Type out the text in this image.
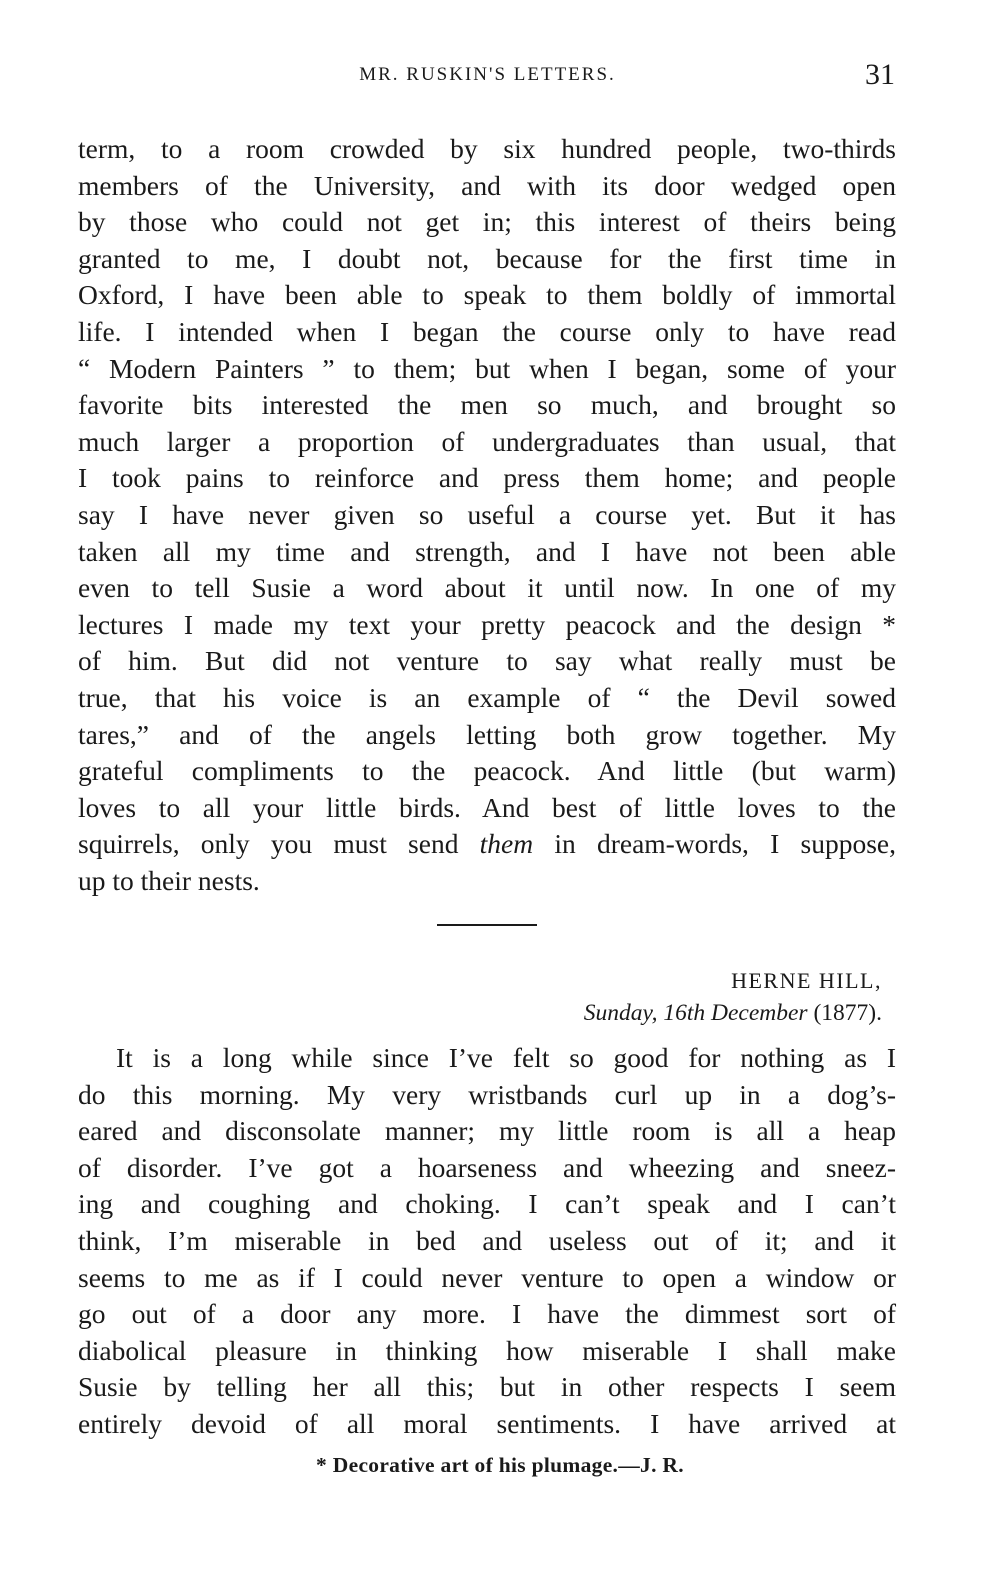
MR. RUSKIN'S LETTERS.	31
term, to a room crowded by six hundred people, two-thirds
members of the University, and with its door wedged open
by those who could not get in; this interest of theirs being
granted to me, I doubt not, because for the first time in
Oxford, I have been able to speak to them boldly of immortal
life. I intended when I began the course only to have read
“ Modern Painters ” to them; but when I began, some of your
favorite bits interested the men so much, and brought so
much larger a proportion of undergraduates than usual, that
I took pains to reinforce and press them home; and people
say I have never given so useful a course yet. But it has
taken all my time and strength, and I have not been able
even to tell Susie a word about it until now. In one of my
lectures I made my text your pretty peacock and the design *
of him. But did not venture to say what really must be
true, that his voice is an example of “ the Devil sowed
tares,” and of the angels letting both grow together. My
grateful compliments to the peacock. And little (but warm)
loves to all your little birds. And best of little loves to the
squirrels, only you must send them in dream-words, I suppose,
up to their nests.
HERNE HILL,
Sunday, 16th December (1877).
It is a long while since I’ve felt so good for nothing as I
do this morning. My very wristbands curl up in a dog’s-
eared and disconsolate manner; my little room is all a heap
of disorder. I’ve got a hoarseness and wheezing and sneez-
ing and coughing and choking. I can’t speak and I can’t
think, I’m miserable in bed and useless out of it; and it
seems to me as if I could never venture to open a window or
go out of a door any more. I have the dimmest sort of
diabolical pleasure in thinking how miserable I shall make
Susie by telling her all this; but in other respects I seem
entirely devoid of all moral sentiments. I have arrived at
* Decorative art of his plumage.—J. R.
